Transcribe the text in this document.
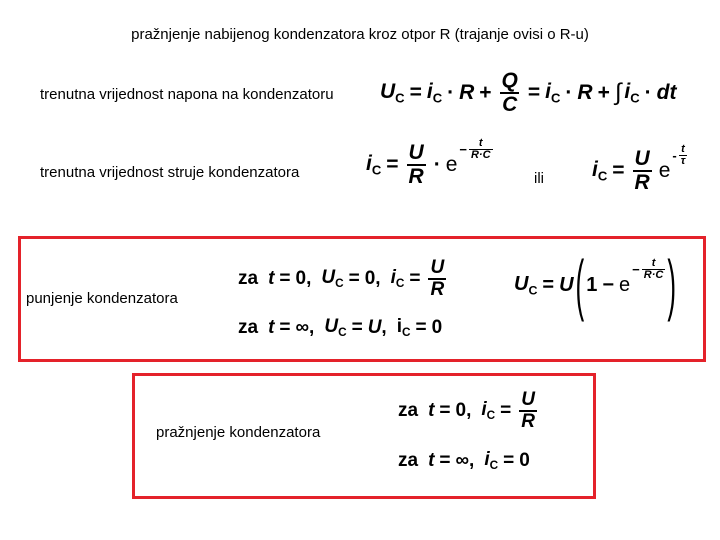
pražnjenje nabijenog kondenzatora kroz otpor R (trajanje ovisi o R-u)
trenutna vrijednost napona na kondenzatoru $U_C = i_C \cdot R + \frac{Q}{C} = i_C \cdot R$ + ∫ $i_C$ · dt
trenutna vrijednost struje kondenzatora	$i_C = \frac{U}{R} \cdot e$
− $\frac{t}{R\cdot C}$
ili $i_C = \frac{U}{R}$ e
- $\frac{t}{\tau}$
punjenje kondenzatora
za t = 0, $U_C = 0$, $i_C = \frac{U}{R}$
za t = ∞, $U_C = U$, $i_C = 0$
$U_C = U$ ( 1 − e
− $\frac{t}{R\cdot C}$ )
pražnjenje kondenzatora
za t = 0, $i_C = \frac{U}{R}$
za t = ∞, $i_C = 0$
